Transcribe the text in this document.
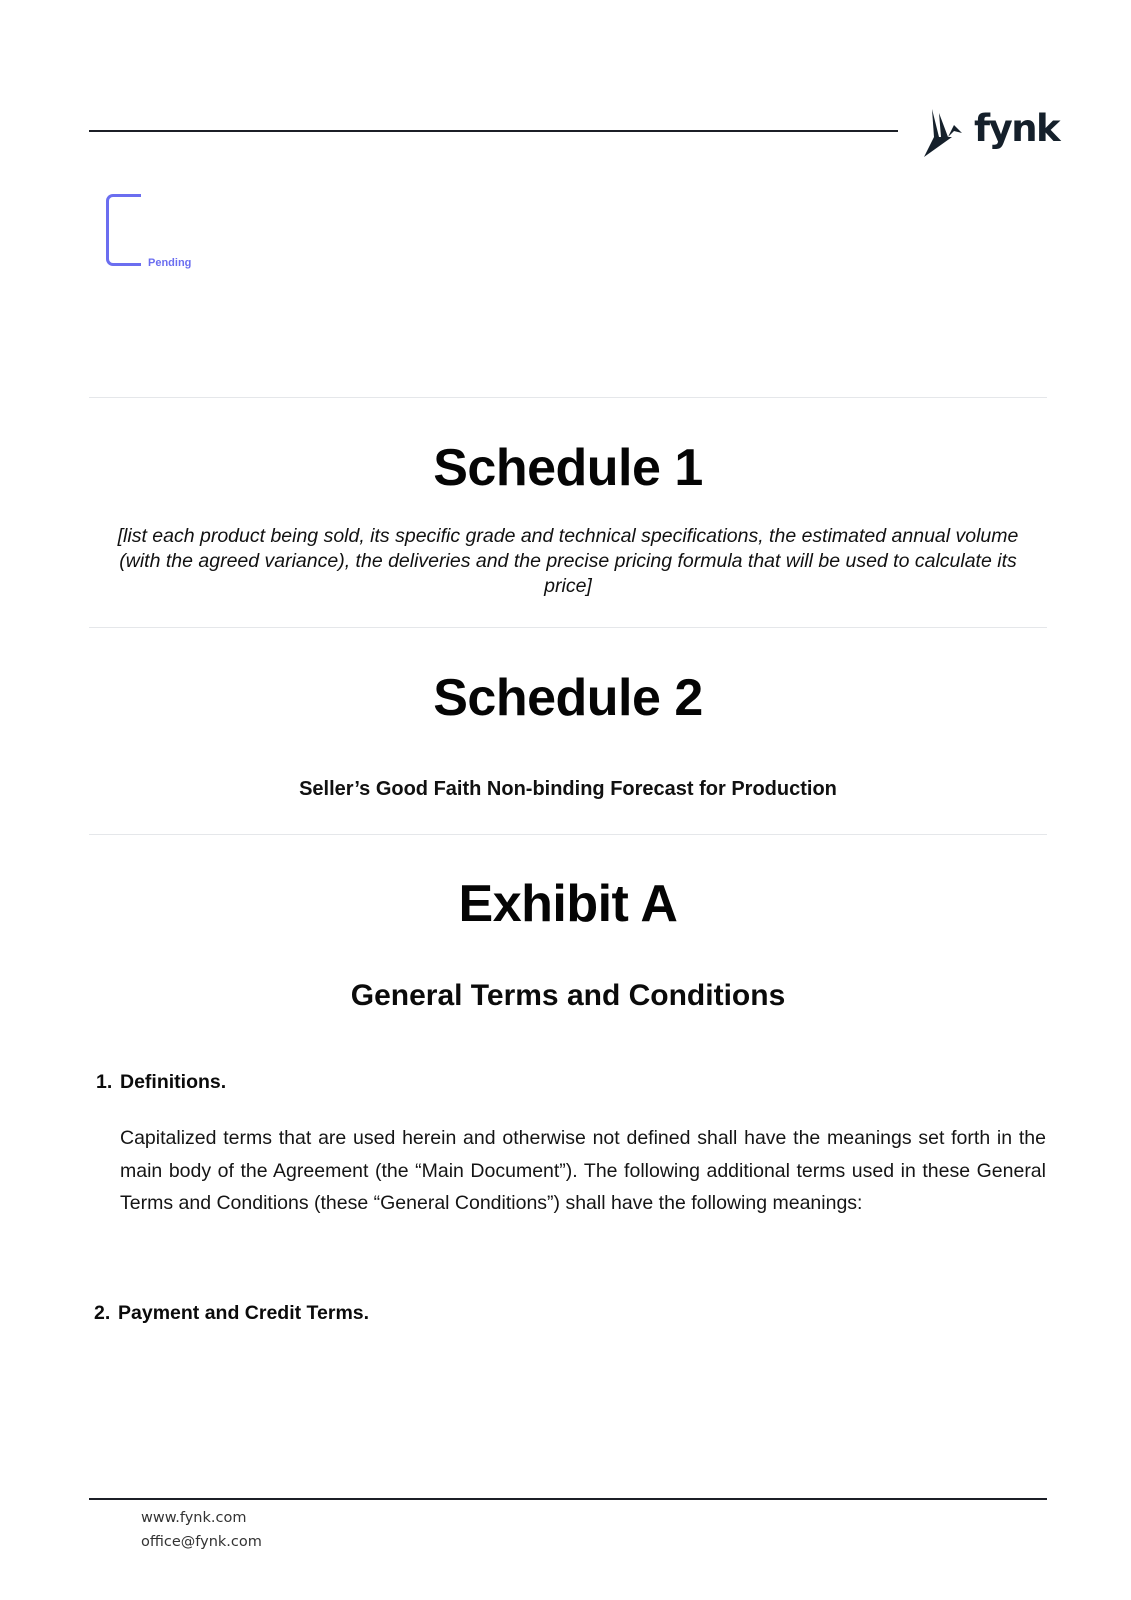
fynk
Pending
Schedule 1
[list each product being sold, its specific grade and technical specifications, the estimated annual volume
(with the agreed variance), the deliveries and the precise pricing formula that will be used to calculate its
price]
Schedule 2
Seller’s Good Faith Non-binding Forecast for Production
Exhibit A
General Terms and Conditions
1. Definitions.
Capitalized terms that are used herein and otherwise not defined shall have the meanings set forth in the main body of the Agreement (the “Main Document”). The following additional terms used in these General Terms and Conditions (these “General Conditions”) shall have the following meanings:
2. Payment and Credit Terms.
www.fynk.com
office@fynk.com
